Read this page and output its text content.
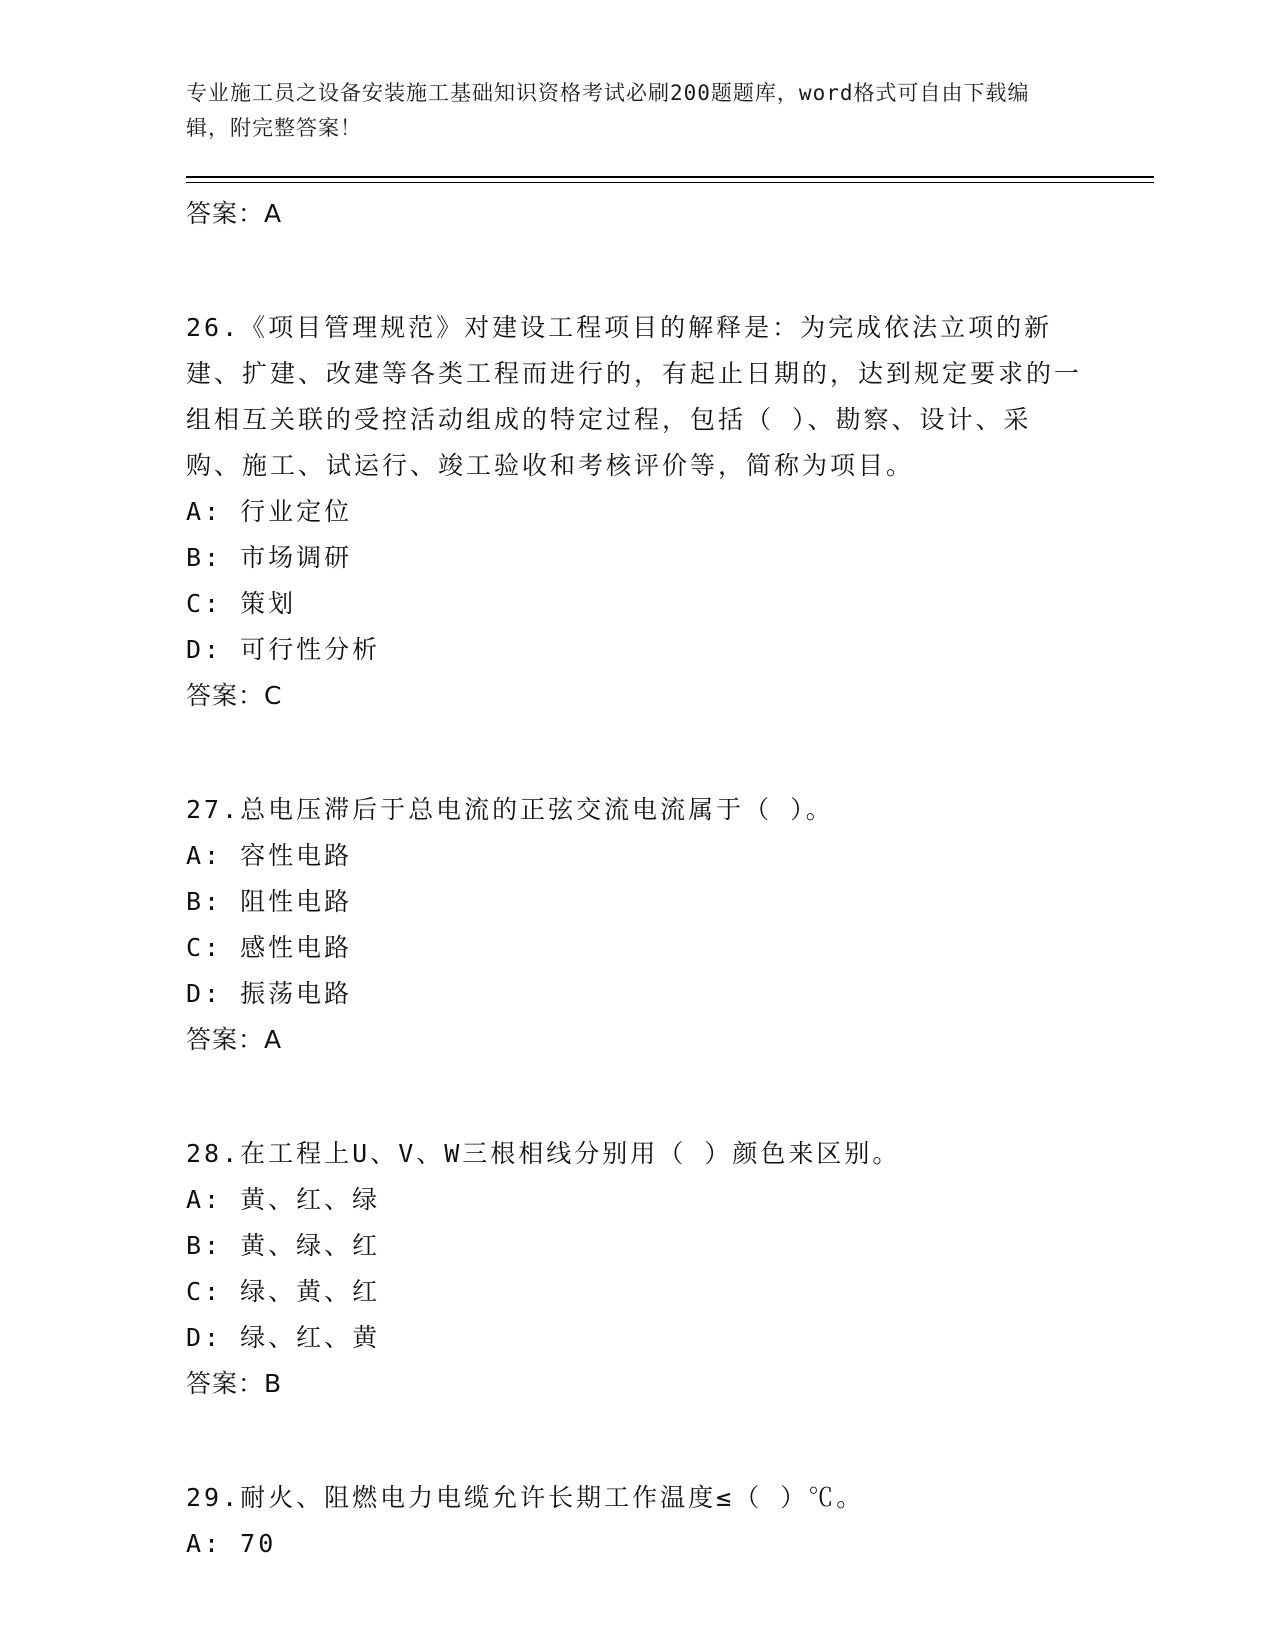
专业施工员之设备安装施工基础知识资格考试必刷200题题库，word格式可自由下载编辑，附完整答案！

答案：A

26.《项目管理规范》对建设工程项目的解释是：为完成依法立项的新建、扩建、改建等各类工程而进行的，有起止日期的，达到规定要求的一组相互关联的受控活动组成的特定过程，包括（ ）、勘察、设计、采购、施工、试运行、竣工验收和考核评价等，简称为项目。

A: 行业定位

B: 市场调研

C: 策划

D: 可行性分析

答案：C

27.总电压滞后于总电流的正弦交流电流属于（ ）。

A: 容性电路

B: 阻性电路

C: 感性电路

D: 振荡电路

答案：A

28.在工程上U、V、W三根相线分别用（ ）颜色来区别。

A: 黄、红、绿

B: 黄、绿、红

C: 绿、黄、红

D: 绿、红、黄

答案：B

29.耐火、阻燃电力电缆允许长期工作温度≤（ ）℃。

A: 70
